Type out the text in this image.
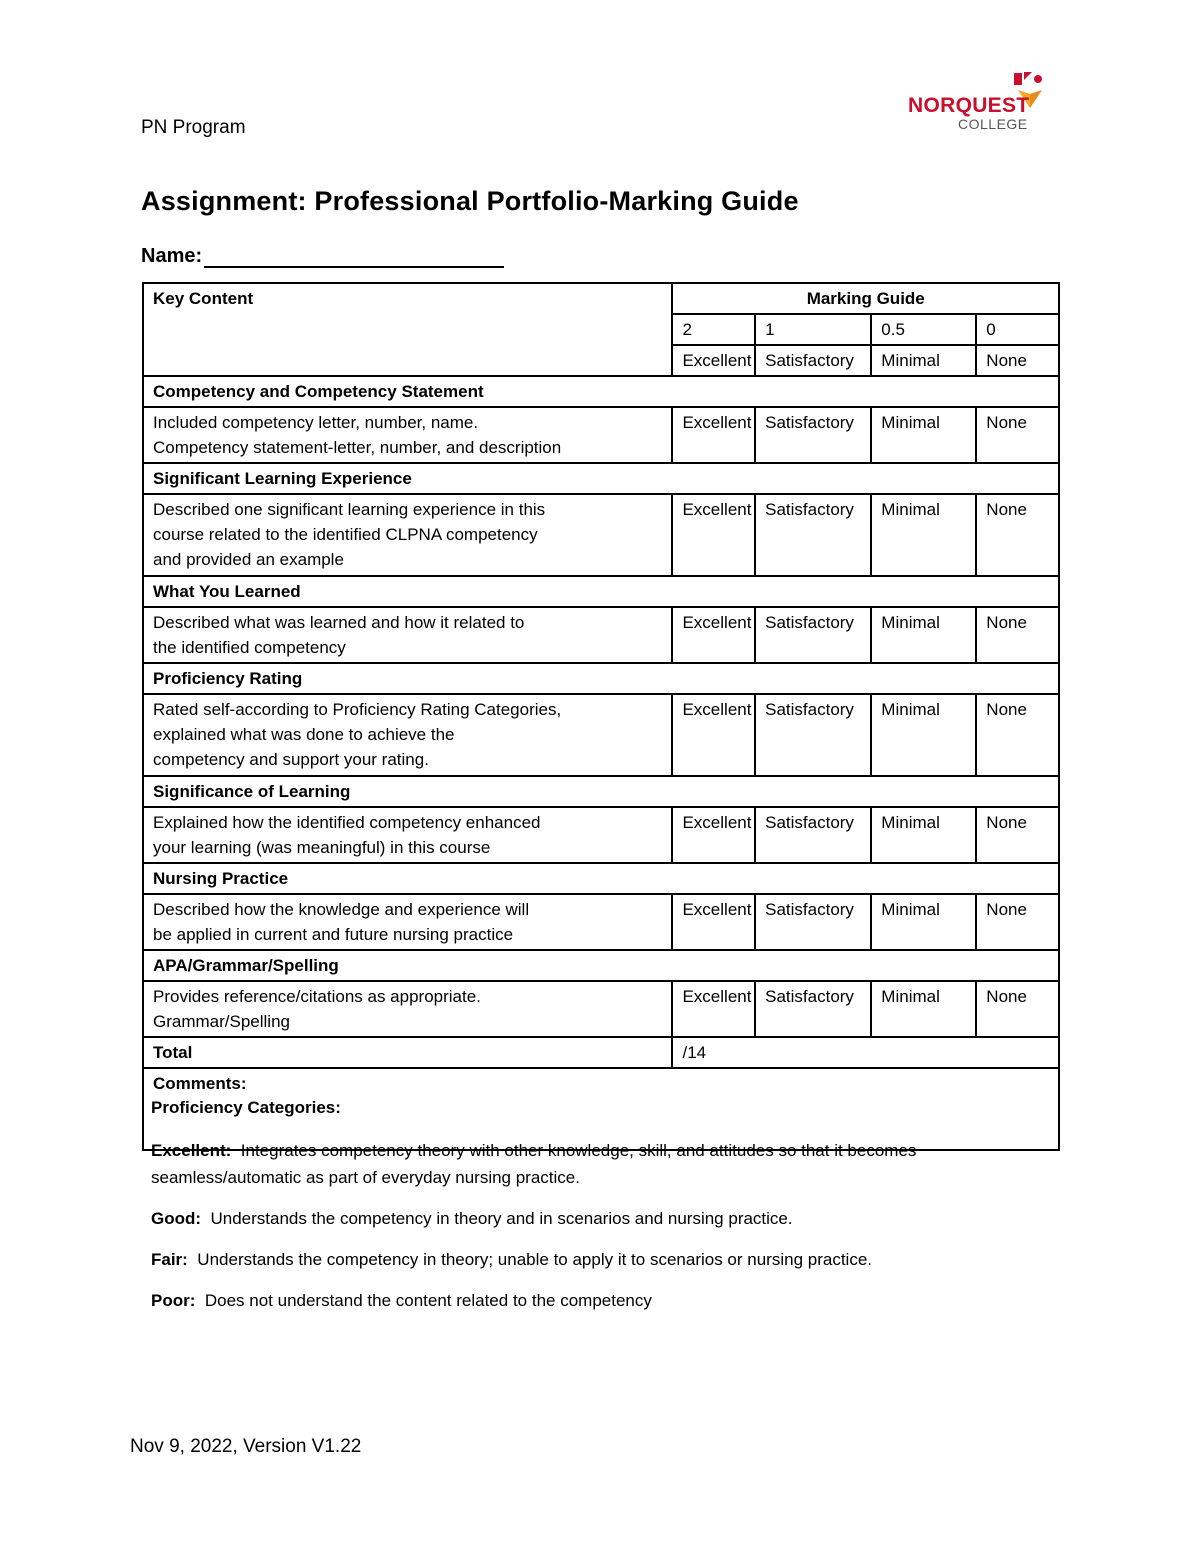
PN Program
NORQUEST
COLLEGE
Assignment: Professional Portfolio-Marking Guide
Name:
Key Content	Marking Guide			
	2	1	0.5	0
	Excellent	Satisfactory	Minimal	None
Competency and Competency Statement				

Included competency letter, number, name.
Competency statement-letter, number, and description	Excellent	Satisfactory	Minimal	None
Significant Learning Experience				

Described one significant learning experience in this
course related to the identified CLPNA competency
and provided an example	Excellent	Satisfactory	Minimal	None
What You Learned				

Described what was learned and how it related to
the identified competency	Excellent	Satisfactory	Minimal	None
Proficiency Rating				

Rated self-according to Proficiency Rating Categories,
explained what was done to achieve the
competency and support your rating.	Excellent	Satisfactory	Minimal	None
Significance of Learning				

Explained how the identified competency enhanced
your learning (was meaningful) in this course	Excellent	Satisfactory	Minimal	None
Nursing Practice				

Described how the knowledge and experience will
be applied in current and future nursing practice	Excellent	Satisfactory	Minimal	None
APA/Grammar/Spelling				

Provides reference/citations as appropriate.
Grammar/Spelling	Excellent	Satisfactory	Minimal	None
Total	/14			
Comments:				

Proficiency Categories:

Excellent: Integrates competency theory with other knowledge, skill, and attitudes so that it becomes seamless/automatic as part of everyday nursing practice.

Good: Understands the competency in theory and in scenarios and nursing practice.

Fair: Understands the competency in theory; unable to apply it to scenarios or nursing practice.

Poor: Does not understand the content related to the competency

Nov 9, 2022, Version V1.22
